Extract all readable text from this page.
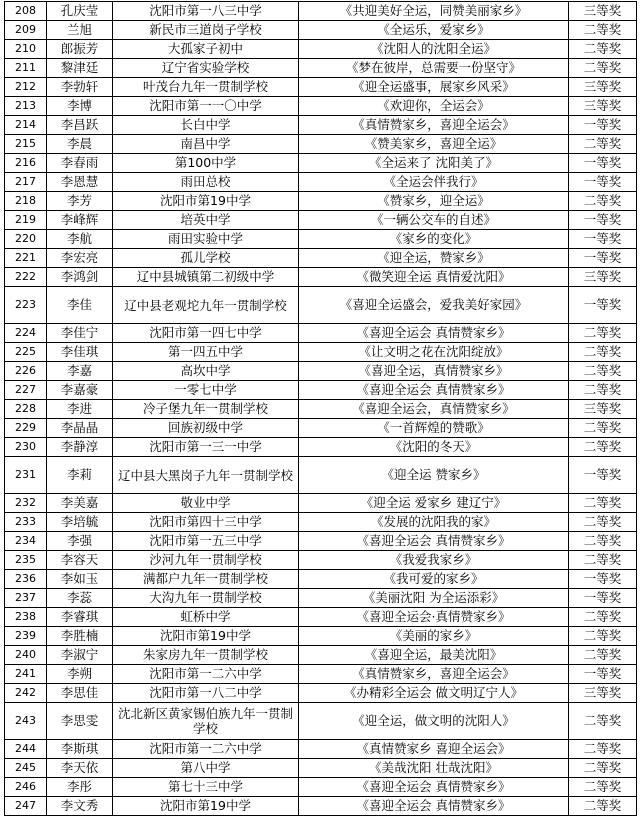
208	孔庆莹	沈阳市第一八三中学	《共迎美好全运，同赞美丽家乡》	三等奖
209	兰旭	新民市三道岗子学校	《全运乐，爱家乡》	二等奖
210	郎振芳	大孤家子初中	《沈阳人的沈阳全运》	二等奖
211	黎津廷	辽宁省实验学校	《梦在彼岸，总需要一份坚守》	二等奖
212	李勃轩	叶茂台九年一贯制学校	《迎全运盛事，展家乡风采》	三等奖
213	李博	沈阳市第一一〇中学	《欢迎你，全运会》	三等奖
214	李昌跃	长白中学	《真情赞家乡，喜迎全运会》	一等奖
215	李晨	南昌中学	《赞美家乡，喜迎全运》	二等奖
216	李春雨	第100中学	《全运来了 沈阳美了》	一等奖
217	李恩慧	雨田总校	《全运会伴我行》	一等奖
218	李芳	沈阳市第19中学	《赞家乡，迎全运》	二等奖
219	李峰辉	培英中学	《一辆公交车的自述》	一等奖
220	李航	雨田实验中学	《家乡的变化》	一等奖
221	李宏亮	孤儿学校	《迎全运，赞家乡》	一等奖
222	李鸿剑	辽中县城镇第二初级中学	《微笑迎全运 真情爱沈阳》	三等奖
223	李佳	辽中县老观坨九年一贯制学校	《喜迎全运盛会，爱我美好家园》	一等奖
224	李佳宁	沈阳市第一四七中学	《喜迎全运会 真情赞家乡》	二等奖
225	李佳琪	第一四五中学	《让文明之花在沈阳绽放》	二等奖
226	李嘉	高坎中学	《喜迎全运，真情赞家乡》	二等奖
227	李嘉豪	一零七中学	《喜迎全运会 真情赞家乡》	二等奖
228	李进	冷子堡九年一贯制学校	《喜迎全运会，真情赞家乡》	三等奖
229	李晶晶	回族初级中学	《一首辉煌的赞歌》	二等奖
230	李静淳	沈阳市第一三一中学	《沈阳的冬天》	二等奖
231	李莉	辽中县大黑岗子九年一贯制学校	《迎全运 赞家乡》	一等奖
232	李美嘉	敬业中学	《迎全运 爱家乡 建辽宁》	二等奖
233	李培毓	沈阳市第四十三中学	《发展的沈阳我的家》	二等奖
234	李强	沈阳市第一五三中学	《喜迎全运会 真情赞家乡》	二等奖
235	李容天	沙河九年一贯制学校	《我爱我家乡》	二等奖
236	李如玉	满都户九年一贯制学校	《我可爱的家乡》	一等奖
237	李蕊	大沟九年一贯制学校	《美丽沈阳 为全运添彩》	一等奖
238	李睿琪	虹桥中学	《喜迎全运会·真情赞家乡》	二等奖
239	李胜楠	沈阳市第19中学	《美丽的家乡》	二等奖
240	李淑宁	朱家房九年一贯制学校	《喜迎全运，最美沈阳》	二等奖
241	李朔	沈阳市第一二六中学	《真情赞家乡，喜迎全运会》	一等奖
242	李思佳	沈阳市第一八二中学	《办精彩全运会 做文明辽宁人》	三等奖
243	李思雯	沈北新区黄家锡伯族九年一贯制学校	《迎全运，做文明的沈阳人》	二等奖
244	李斯琪	沈阳市第一二六中学	《真情赞家乡 喜迎全运会》	二等奖
245	李天依	第八中学	《美哉沈阳 壮哉沈阳》	二等奖
246	李彤	第七十三中学	《喜迎全运会 真情赞家乡》	二等奖
247	李文秀	沈阳市第19中学	《喜迎全运会 真情赞家乡》	二等奖
